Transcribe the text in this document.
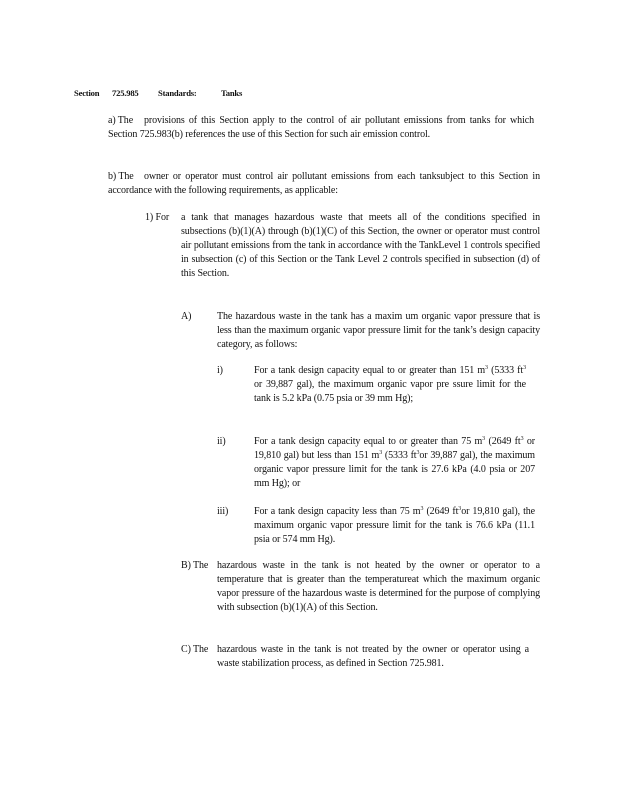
Section 725.985 Standards:	Tanks
a) The	provisions of this Section apply to the control of air pollutant emissions from tanks for which Section 725.983(b) references the use of this Section for such air emission control.
b) The	owner or operator must control air pollutant emissions from each tanksubject to this Section in accordance with the following requirements, as applicable:
1) For	a tank that manages hazardous waste that meets all of the conditions specified in subsections (b)(1)(A) through (b)(1)(C) of this Section, the owner or operator must control air pollutant emissions from the tank in accordance with the TankLevel 1 controls specified in subsection (c) of this Section or the Tank Level 2 controls specified in subsection (d) of this Section.
A)	The hazardous waste in the tank has a maxim um organic vapor pressure that is less than the maximum organic vapor pressure limit for the tank’s design capacity category, as follows:
i)	For a tank design capacity equal to or greater than 151 $m^3$ (5333 $ft^3$ or 39,887 gal), the maximum organic vapor pre ssure limit for the tank is 5.2 kPa (0.75 psia or 39 mm Hg);
ii)	For a tank design capacity equal to or greater than 75 $m^3$ (2649 $ft^3$ or 19,810 gal) but less than 151 $m^3$ (5333 $ft^3or$ 39,887 gal), the maximum organic vapor pressure limit for the tank is 27.6 kPa (4.0 psia or 207 mm Hg); or
iii)	For a tank design capacity less than 75 $m^3$ (2649 $ft^3or$ 19,810 gal), the maximum organic vapor pressure limit for the tank is 76.6 kPa (11.1 psia or 574 mm Hg).
B) The hazardous waste in the tank is not heated by the owner or operator to a temperature that is greater than the temperatureat which the maximum organic vapor pressure of the hazardous waste is determined for the purpose of complying with subsection (b)(1)(A) of this Section.
C) The hazardous waste in the tank is not treated by the owner or operator using a waste stabilization process, as defined in Section 725.981.
